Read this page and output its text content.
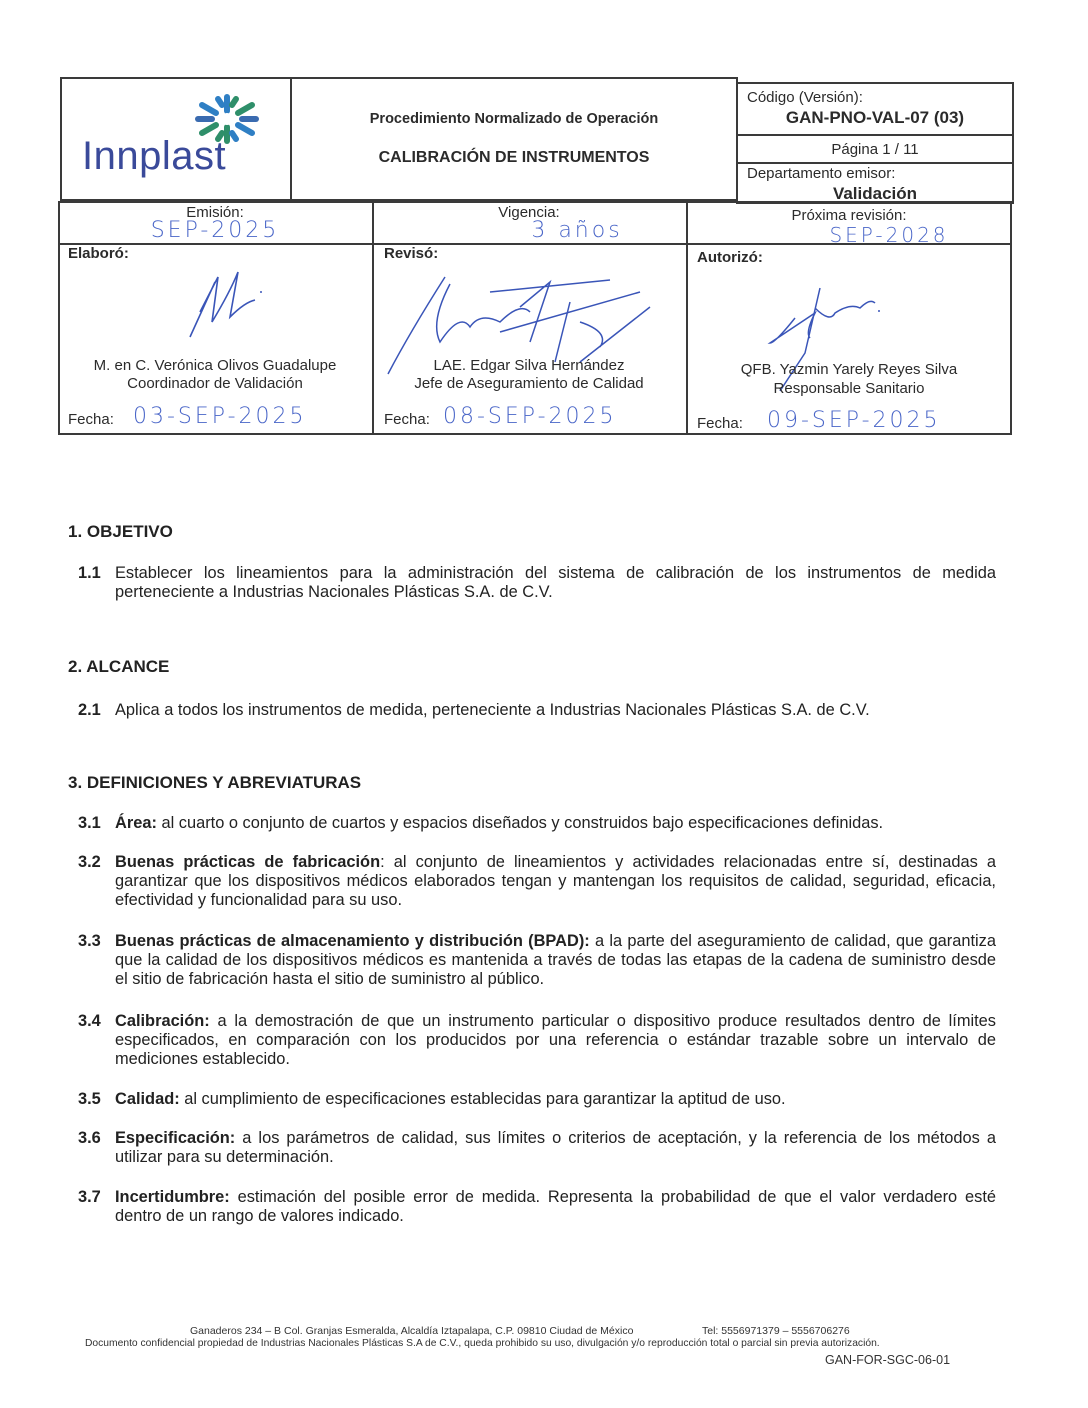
Innplast
Procedimiento Normalizado de Operación
CALIBRACIÓN DE INSTRUMENTOS
Código (Versión):
GAN-PNO-VAL-07 (03)
Página 1 / 11
Departamento emisor:
Validación
Emisión:
SEP-2025
Vigencia:
3 años
Próxima revisión:
SEP-2028
Elaboró:
M. en C. Verónica Olivos Guadalupe
Coordinador de Validación
Fecha: 03-SEP-2025
Revisó:
LAE. Edgar Silva Hernández
Jefe de Aseguramiento de Calidad
Fecha: 08-SEP-2025
Autorizó:
QFB. Yazmin Yarely Reyes Silva
Responsable Sanitario
Fecha: 09-SEP-2025
1. OBJETIVO
1.1 Establecer los lineamientos para la administración del sistema de calibración de los instrumentos de medida perteneciente a Industrias Nacionales Plásticas S.A. de C.V.
2. ALCANCE
2.1 Aplica a todos los instrumentos de medida, perteneciente a Industrias Nacionales Plásticas S.A. de C.V.
3. DEFINICIONES Y ABREVIATURAS
3.1 Área: al cuarto o conjunto de cuartos y espacios diseñados y construidos bajo especificaciones definidas.
3.2 Buenas prácticas de fabricación: al conjunto de lineamientos y actividades relacionadas entre sí, destinadas a garantizar que los dispositivos médicos elaborados tengan y mantengan los requisitos de calidad, seguridad, eficacia, efectividad y funcionalidad para su uso.
3.3 Buenas prácticas de almacenamiento y distribución (BPAD): a la parte del aseguramiento de calidad, que garantiza que la calidad de los dispositivos médicos es mantenida a través de todas las etapas de la cadena de suministro desde el sitio de fabricación hasta el sitio de suministro al público.
3.4 Calibración: a la demostración de que un instrumento particular o dispositivo produce resultados dentro de límites especificados, en comparación con los producidos por una referencia o estándar trazable sobre un intervalo de mediciones establecido.
3.5 Calidad: al cumplimiento de especificaciones establecidas para garantizar la aptitud de uso.
3.6 Especificación: a los parámetros de calidad, sus límites o criterios de aceptación, y la referencia de los métodos a utilizar para su determinación.
3.7 Incertidumbre: estimación del posible error de medida. Representa la probabilidad de que el valor verdadero esté dentro de un rango de valores indicado.
Ganaderos 234 – B Col. Granjas Esmeralda, Alcaldía Iztapalapa, C.P. 09810 Ciudad de México	Tel: 5556971379 – 5556706276
Documento confidencial propiedad de Industrias Nacionales Plásticas S.A de C.V., queda prohibido su uso, divulgación y/o reproducción total o parcial sin previa autorización.
GAN-FOR-SGC-06-01
